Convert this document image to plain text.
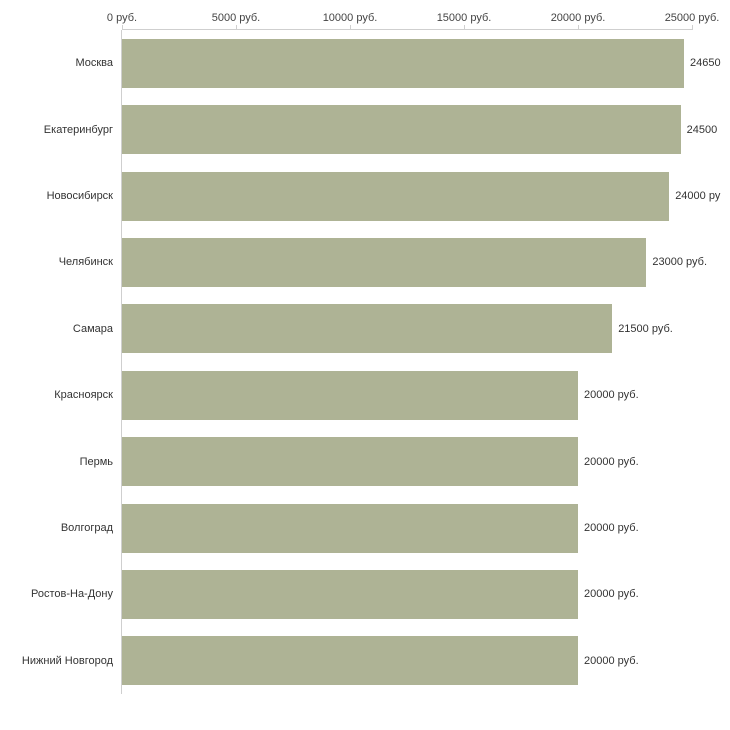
0 руб.	5000 руб.	10000 руб.	15000 руб.	20000 руб.	25000 руб.
24650
Москва
24500
Екатеринбург
24000 ру
Новосибирск
23000 руб.
Челябинск
21500 руб.
Самара
20000 руб.
Красноярск
20000 руб.
Пермь
20000 руб.
Волгоград
20000 руб.
Ростов-На-Дону
20000 руб.
Нижний Новгород
